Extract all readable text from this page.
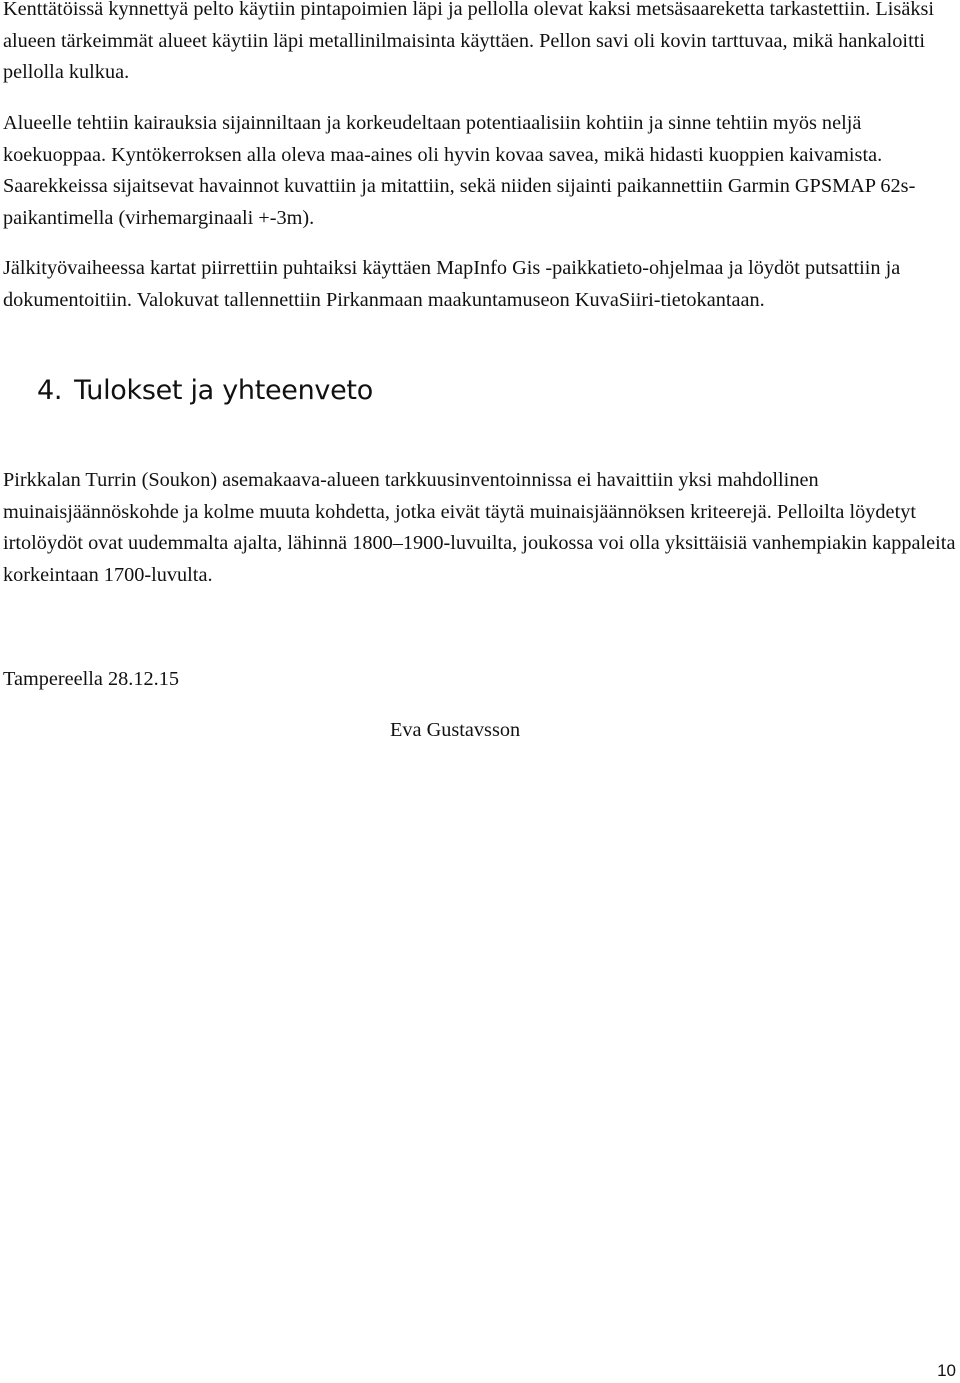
Kenttätöissä kynnettyä pelto käytiin pintapoimien läpi ja pellolla olevat kaksi metsäsaareketta tarkastettiin. Lisäksi alueen tärkeimmät alueet käytiin läpi metallinilmaisinta käyttäen. Pellon savi oli kovin tarttuvaa, mikä hankaloitti pellolla kulkua.

Alueelle tehtiin kairauksia sijainniltaan ja korkeudeltaan potentiaalisiin kohtiin ja sinne tehtiin myös neljä koekuoppaa. Kyntökerroksen alla oleva maa-aines oli hyvin kovaa savea, mikä hidasti kuoppien kaivamista. Saarekkeissa sijaitsevat havainnot kuvattiin ja mitattiin, sekä niiden sijainti paikannettiin Garmin GPSMAP 62s-paikantimella (virhemarginaali +-3m).

Jälkityövaiheessa kartat piirrettiin puhtaiksi käyttäen MapInfo Gis -paikkatieto-ohjelmaa ja löydöt putsattiin ja dokumentoitiin. Valokuvat tallennettiin Pirkanmaan maakuntamuseon KuvaSiiri-tietokantaan.

4. Tulokset ja yhteenveto

Pirkkalan Turrin (Soukon) asemakaava-alueen tarkkuusinventoinnissa ei havaittiin yksi mahdollinen muinaisjäännöskohde ja kolme muuta kohdetta, jotka eivät täytä muinaisjäännöksen kriteerejä. Pelloilta löydetyt irtolöydöt ovat uudemmalta ajalta, lähinnä 1800–1900-luvuilta, joukossa voi olla yksittäisiä vanhempiakin kappaleita korkeintaan 1700-luvulta.

Tampereella 28.12.15

Eva Gustavsson

10
